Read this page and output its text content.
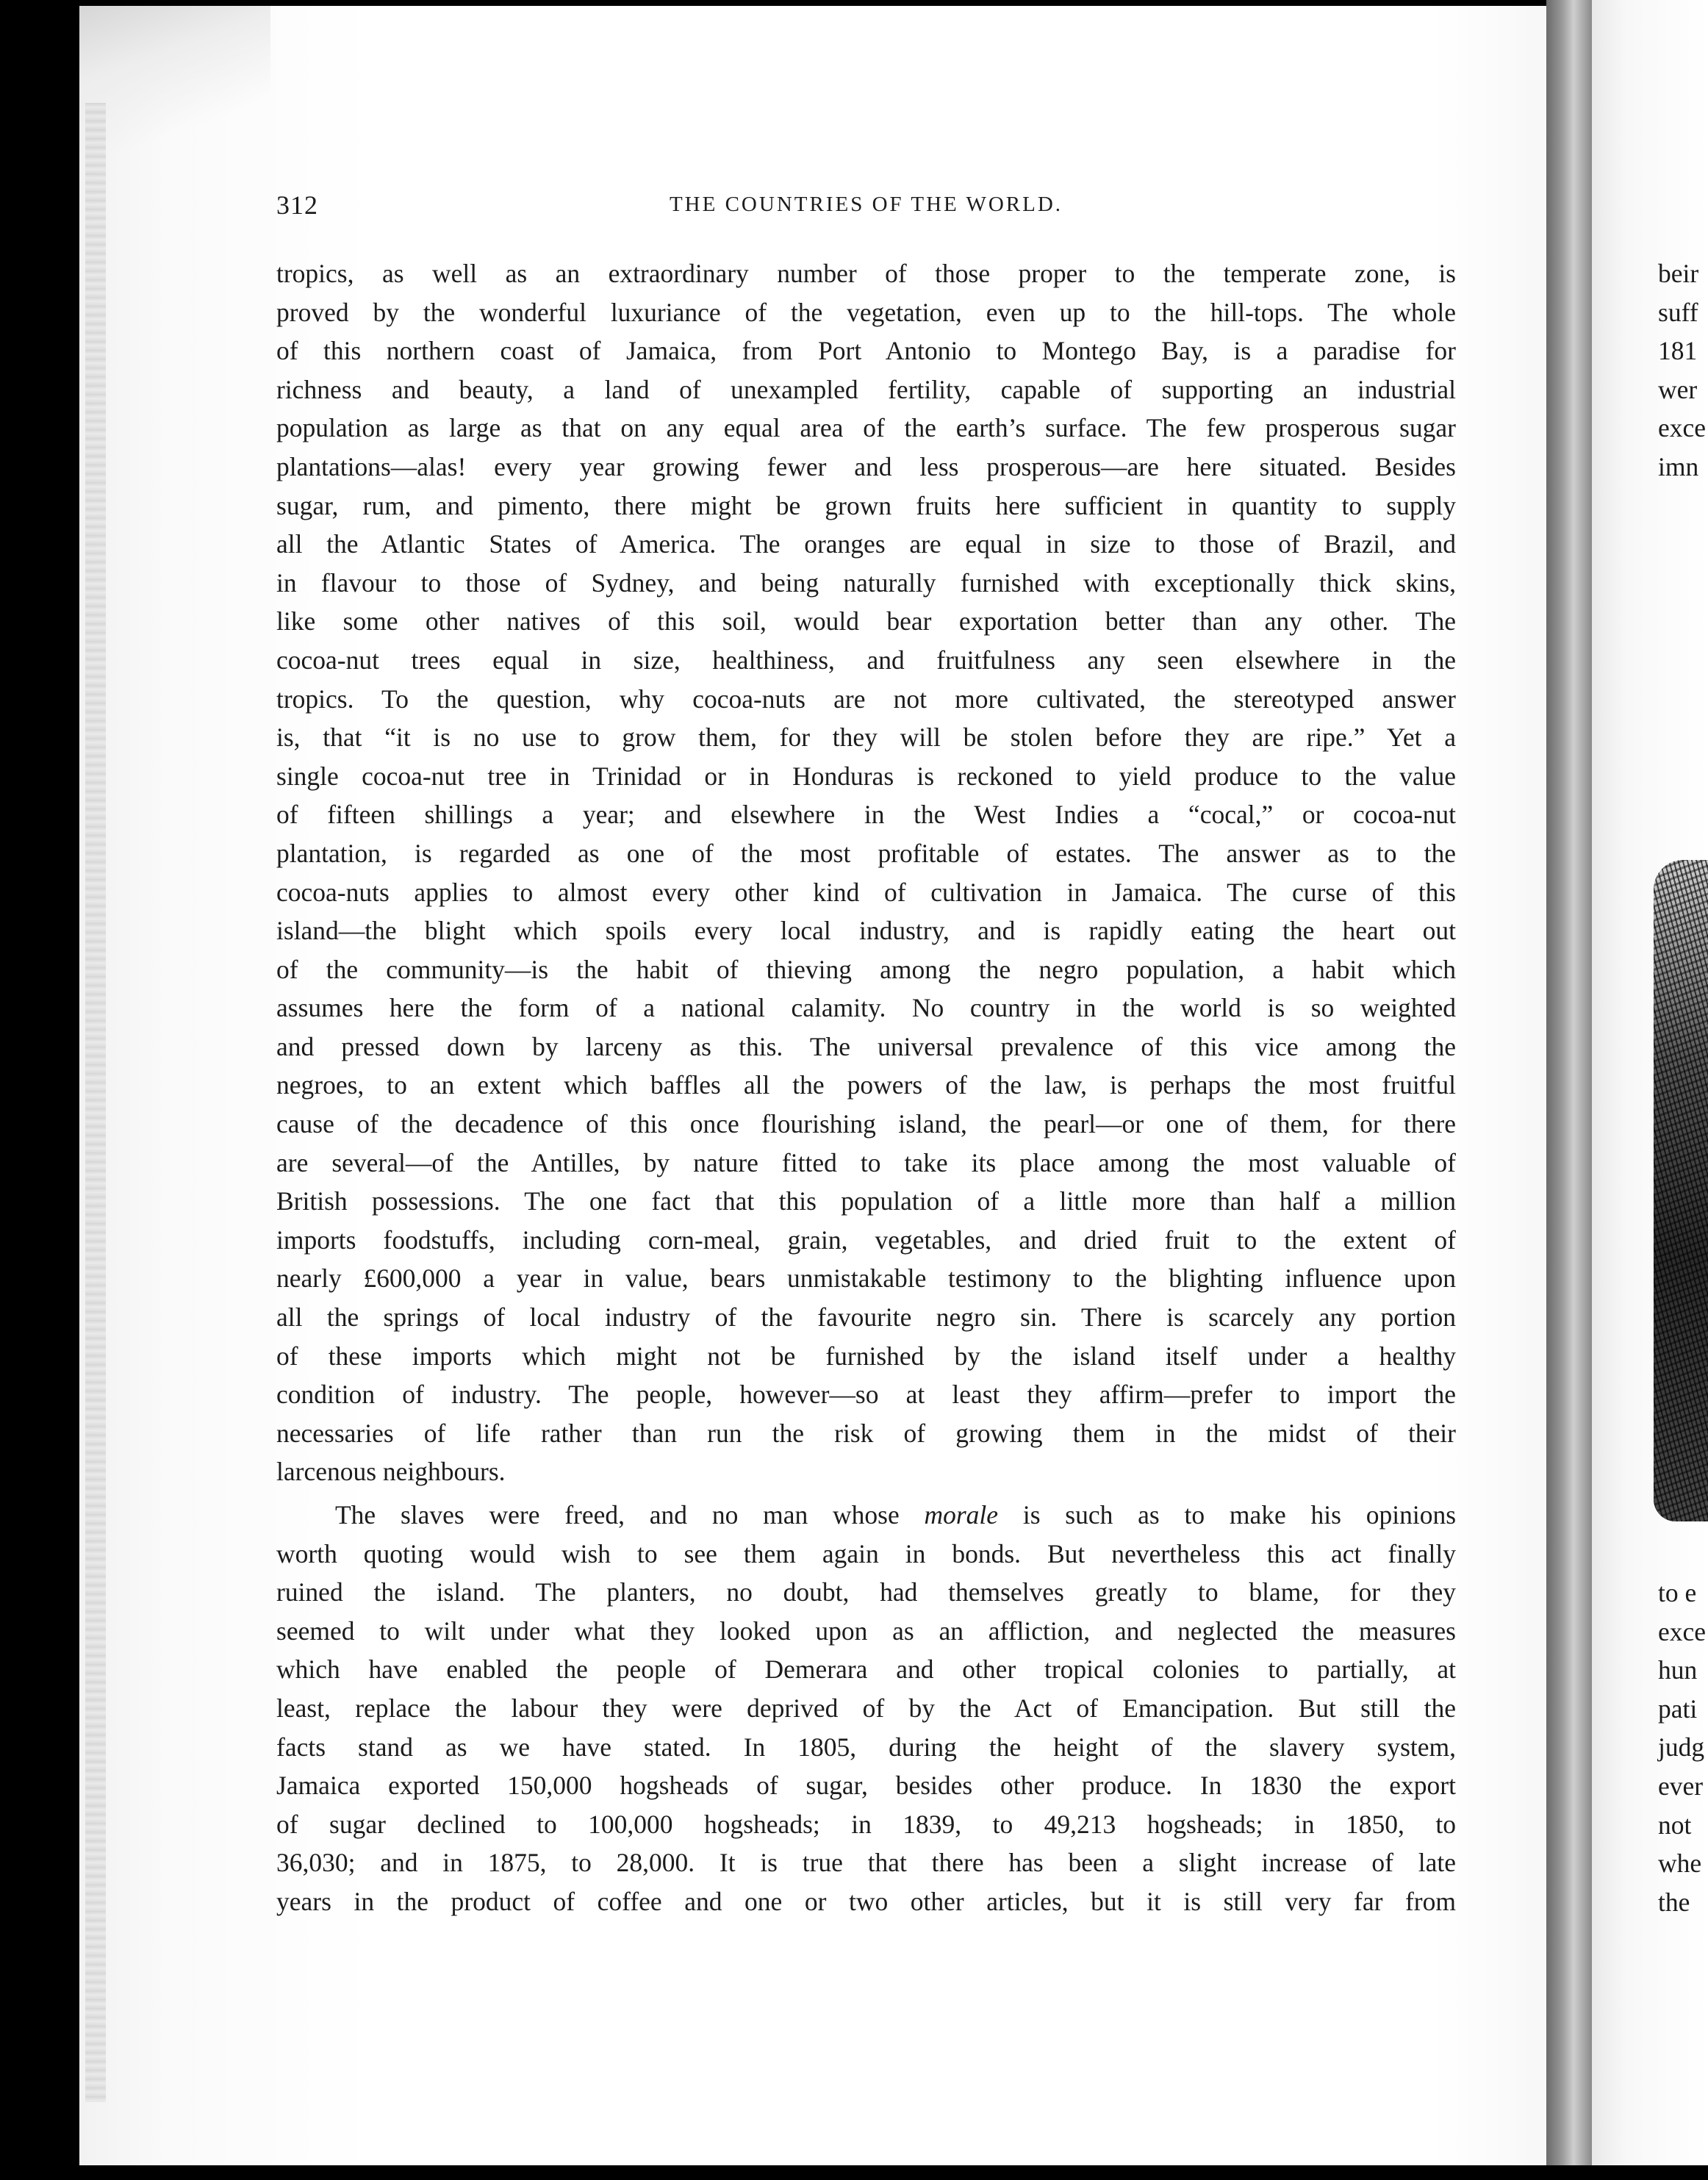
312	THE COUNTRIES OF THE WORLD.
tropics, as well as an extraordinary number of those proper to the temperate zone, is
proved by the wonderful luxuriance of the vegetation, even up to the hill-tops. The whole
of this northern coast of Jamaica, from Port Antonio to Montego Bay, is a paradise for
richness and beauty, a land of unexampled fertility, capable of supporting an industrial
population as large as that on any equal area of the earth’s surface. The few prosperous sugar
plantations—alas! every year growing fewer and less prosperous—are here situated. Besides
sugar, rum, and pimento, there might be grown fruits here sufficient in quantity to supply
all the Atlantic States of America. The oranges are equal in size to those of Brazil, and
in flavour to those of Sydney, and being naturally furnished with exceptionally thick skins,
like some other natives of this soil, would bear exportation better than any other. The
cocoa-nut trees equal in size, healthiness, and fruitfulness any seen elsewhere in the
tropics. To the question, why cocoa-nuts are not more cultivated, the stereotyped answer
is, that “it is no use to grow them, for they will be stolen before they are ripe.” Yet a
single cocoa-nut tree in Trinidad or in Honduras is reckoned to yield produce to the value
of fifteen shillings a year; and elsewhere in the West Indies a “cocal,” or cocoa-nut
plantation, is regarded as one of the most profitable of estates. The answer as to the
cocoa-nuts applies to almost every other kind of cultivation in Jamaica. The curse of this
island—the blight which spoils every local industry, and is rapidly eating the heart out
of the community—is the habit of thieving among the negro population, a habit which
assumes here the form of a national calamity. No country in the world is so weighted
and pressed down by larceny as this. The universal prevalence of this vice among the
negroes, to an extent which baffles all the powers of the law, is perhaps the most fruitful
cause of the decadence of this once flourishing island, the pearl—or one of them, for there
are several—of the Antilles, by nature fitted to take its place among the most valuable of
British possessions. The one fact that this population of a little more than half a million
imports foodstuffs, including corn-meal, grain, vegetables, and dried fruit to the extent of
nearly £600,000 a year in value, bears unmistakable testimony to the blighting influence upon
all the springs of local industry of the favourite negro sin. There is scarcely any portion
of these imports which might not be furnished by the island itself under a healthy
condition of industry. The people, however—so at least they affirm—prefer to import the
necessaries of life rather than run the risk of growing them in the midst of their
larcenous neighbours.
The slaves were freed, and no man whose morale is such as to make his opinions
worth quoting would wish to see them again in bonds. But nevertheless this act finally
ruined the island. The planters, no doubt, had themselves greatly to blame, for they
seemed to wilt under what they looked upon as an affliction, and neglected the measures
which have enabled the people of Demerara and other tropical colonies to partially, at
least, replace the labour they were deprived of by the Act of Emancipation. But still the
facts stand as we have stated. In 1805, during the height of the slavery system,
Jamaica exported 150,000 hogsheads of sugar, besides other produce. In 1830 the export
of sugar declined to 100,000 hogsheads; in 1839, to 49,213 hogsheads; in 1850, to
36,030; and in 1875, to 28,000. It is true that there has been a slight increase of late
years in the product of coffee and one or two other articles, but it is still very far from
beir
suff
181
wer
exce
imn
to e
exce
hun
pati
judg
ever
not
whe
the
